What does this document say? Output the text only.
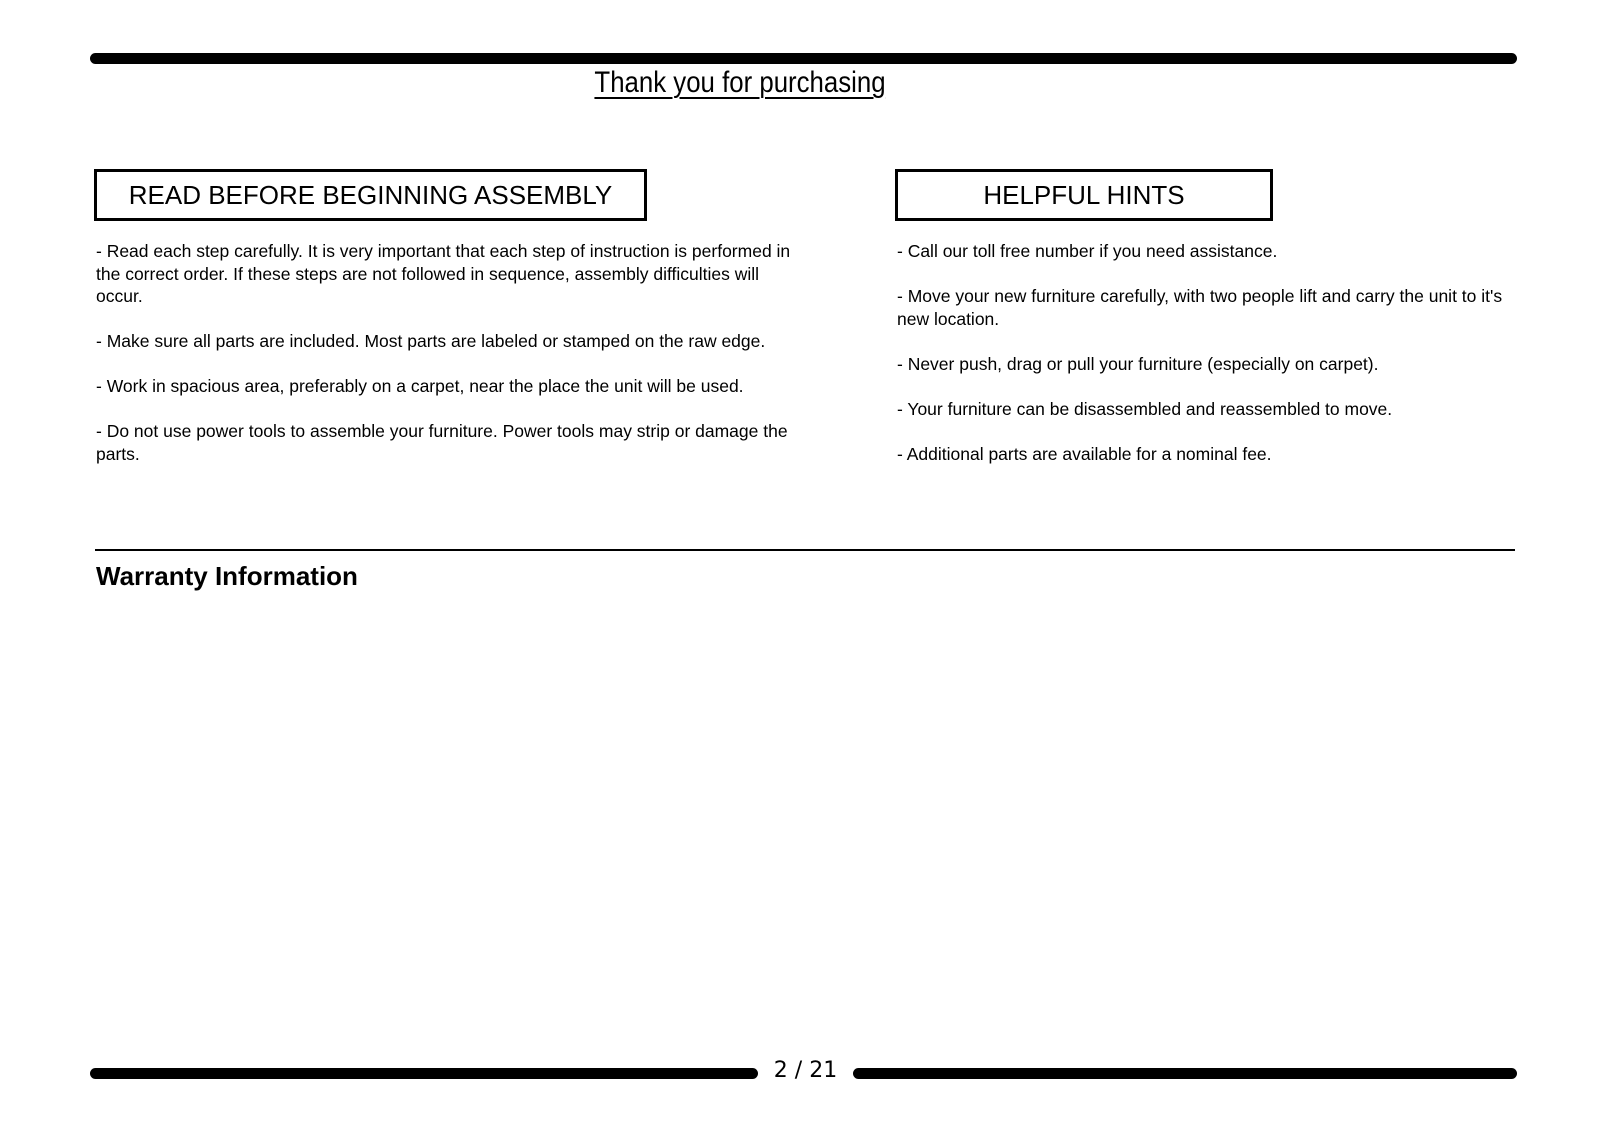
Thank you for purchasing
READ BEFORE BEGINNING ASSEMBLY	HELPFUL HINTS

- Read each step carefully. It is very important that each step of instruction is performed in the correct order. If these steps are not followed in sequence, assembly difficulties will occur.

- Make sure all parts are included. Most parts are labeled or stamped on the raw edge.

- Work in spacious area, preferably on a carpet, near the place the unit will be used.

- Do not use power tools to assemble your furniture. Power tools may strip or damage the parts.

- Call our toll free number if you need assistance.

- Move your new furniture carefully, with two people lift and carry the unit to it's new location.

- Never push, drag or pull your furniture (especially on carpet).

- Your furniture can be disassembled and reassembled to move.

- Additional parts are available for a nominal fee.

Warranty Information
2 / 21
